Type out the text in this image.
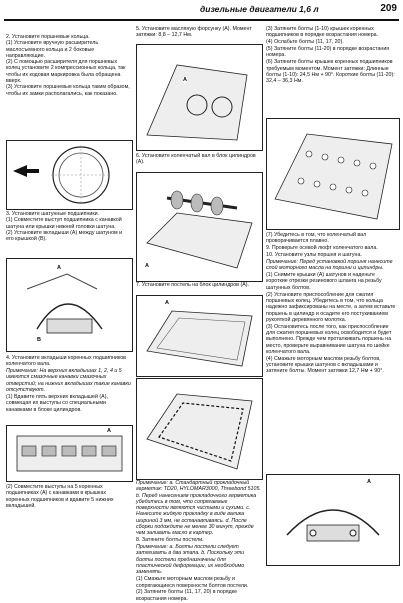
дизельные двигатели 1,6 л	209

2. Установите поршневые кольца.
(1) Установите вручную расширитель маслосъемного кольца и 2 боковые направляющие.
(2) С помощью расширителя для поршневых колец установите 2 компрессионных кольца, так чтобы их кодовая маркировка была обращена вверх.
(3) Установите поршневые кольца таким образом, чтобы их замки располагались, как показано.

3. Установите шатунные подшипники.
(1) Совместите выступ подшипника с канавкой шатуна или крышки нижней головки шатуна.
(2) Установите вкладыши (А) между шатуном и его крышкой (B).

A
B

4. Установите вкладыши коренных подшипников коленчатого вала.

Примечание: На верхних вкладышах 1, 2, 4 и 5 имеются смазочные канавки смазочных отверстий; на нижних вкладышах такие канавки отсутствуют.

(1) Вдавите пять верхних вкладышей (А), совмещая их выступы со специальными канавками в блоке цилиндров.

A

(2) Совместите выступы на 5 коренных подшипниках (А) с канавками в крышках коренных подшипников и вдавите 5 нижних вкладышей.

5. Установите масляную форсунку (А). Момент затяжки: 8,8 – 12,7 Нм.

A

6. Установите коленчатый вал в блок цилиндров (А).

A

7. Установите постель на блок цилиндров (А).

A

Примечание: а. Стандартный прокладочный герметик: TD20, HYLOMAR3000, Threebond 5105. b. Перед нанесением прокладочного герметика убедитесь в том, что сопрягаемые поверхности являются чистыми и сухими. c. Нанесите жидкую прокладку в виде валика шириной 3 мм, не останавливаясь. d. После сборки подождите не менее 30 минут, прежде чем заливать масло в картер.

8. Затяните болты постели.

Примечание: a. Болты постели следует затягивать в два этапа. b. Поскольку эти болты постели предназначены для пластической деформации, их необходимо заменять.

(1) Смажьте моторным маслом резьбу и сопрягающиеся поверхности болтов постели.

(2) Затяните болты (11, 17, 20) в порядке возрастания номера.

(3) Затяните болты (1-10) крышек коренных подшипников в порядке возрастания номера.

(4) Ослабьте болты (11, 17, 20).

(5) Затяните болты (11-20) в порядке возрастания номера.

(6) Затяните болты крышек коренных подшипников требуемым моментом. Момент затяжки: Длинные болты (1-10): 24,5 Нм + 90°. Короткие болты (11-20): 32,4 – 36,3 Нм.

(7) Убедитесь в том, что коленчатый вал проворачивается плавно.

9. Проверьте осевой люфт коленчатого вала.

10. Установите узлы поршня и шатуна.

Примечание: Перед установкой поршня нанесите слой моторного масла на поршни и цилиндры.

(1) Снимите крышки (А) шатунов и наденьте короткие отрезки резинового шланга на резьбу шатунных болтов.

(2) Установите приспособление для сжатия поршневых колец. Убедитесь в том, что кольца надежно зафиксированы на месте, а затем вставьте поршень в цилиндр и осадите его постукиванием рукояткой деревянного молотка.

(3) Остановитесь после того, как приспособление для сжатия поршневых колец освободится и будет выполнено. Прежде чем проталкивать поршень на место, проверьте выравнивание шатуна по шейке коленчатого вала.

(4) Смажьте моторным маслом резьбу болтов, установите крышки шатунов с вкладышами и затяните болты. Момент затяжки 12,7 Нм + 90°.

A
